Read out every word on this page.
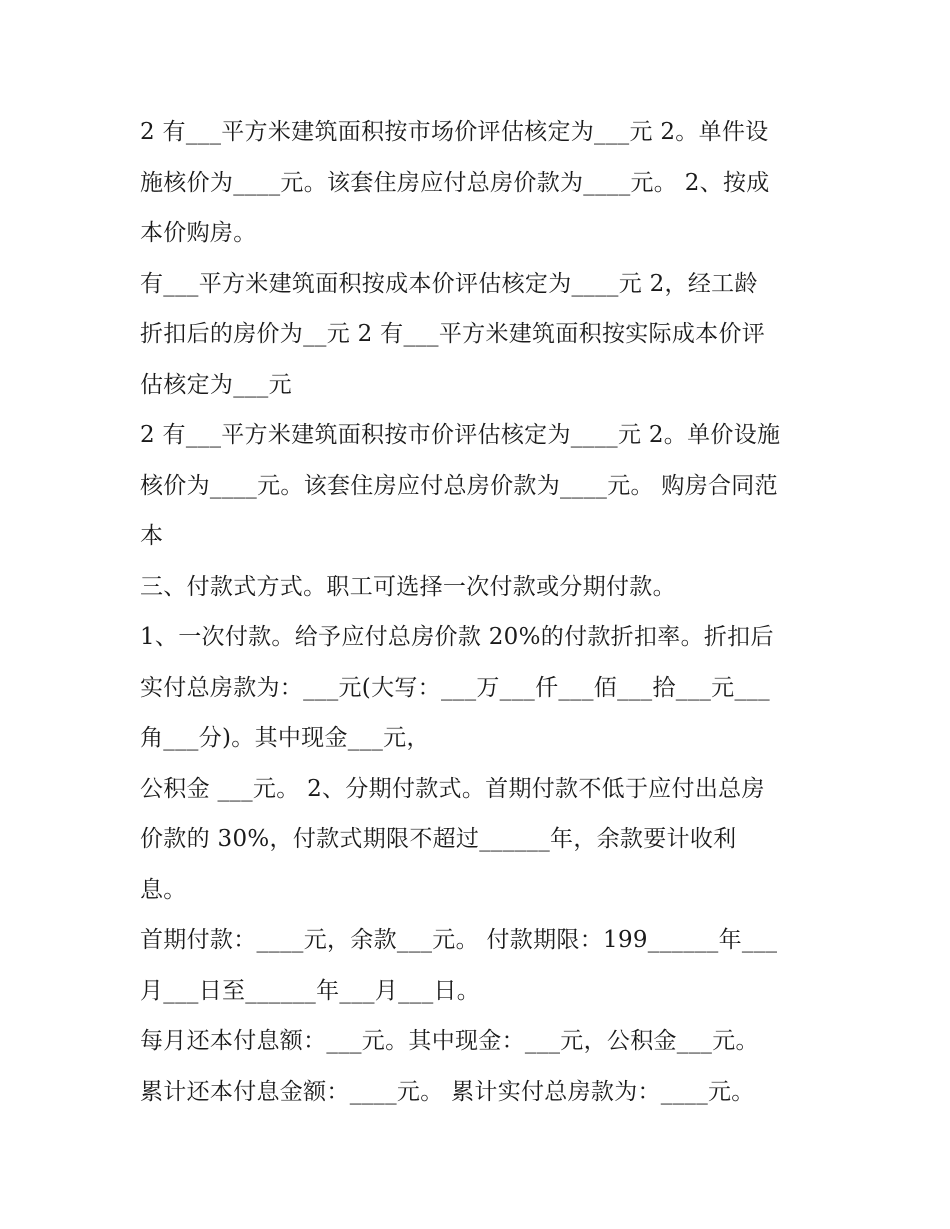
2 有___平方米建筑面积按市场价评估核定为___元 2。单件设
施核价为____元。该套住房应付总房价款为____元。 2、按成
本价购房。
有___平方米建筑面积按成本价评估核定为____元 2，经工龄
折扣后的房价为__元 2 有___平方米建筑面积按实际成本价评
估核定为___元
2 有___平方米建筑面积按市价评估核定为____元 2。单价设施
核价为____元。该套住房应付总房价款为____元。 购房合同范
本
三、付款式方式。职工可选择一次付款或分期付款。
1、一次付款。给予应付总房价款 20%的付款折扣率。折扣后
实付总房款为：___元(大写：___万___仟___佰___拾___元___
角___分)。其中现金___元，
公积金 ___元。 2、分期付款式。首期付款不低于应付出总房
价款的 30%，付款式期限不超过______年，余款要计收利
息。
首期付款：____元，余款___元。 付款期限：199______年___
月___日至______年___月___日。
每月还本付息额：___元。其中现金：___元，公积金___元。
累计还本付息金额：____元。 累计实付总房款为：____元。
